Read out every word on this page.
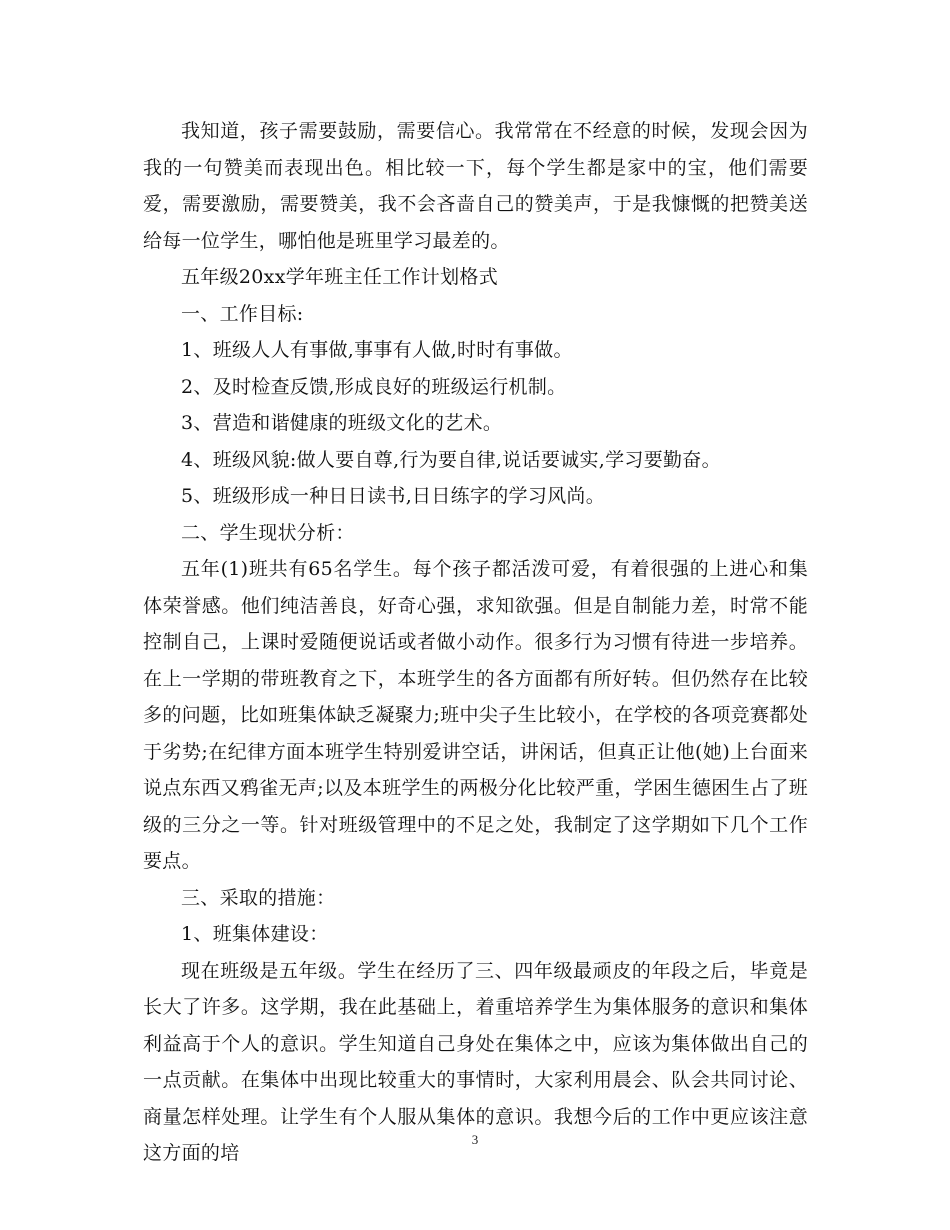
我知道，孩子需要鼓励，需要信心。我常常在不经意的时候，发现会因为我的一句赞美而表现出色。相比较一下，每个学生都是家中的宝，他们需要爱，需要激励，需要赞美，我不会吝啬自己的赞美声，于是我慷慨的把赞美送给每一位学生，哪怕他是班里学习最差的。

五年级20xx学年班主任工作计划格式

一、工作目标:

1、班级人人有事做,事事有人做,时时有事做。

2、及时检查反馈,形成良好的班级运行机制。

3、营造和谐健康的班级文化的艺术。

4、班级风貌:做人要自尊,行为要自律,说话要诚实,学习要勤奋。

5、班级形成一种日日读书,日日练字的学习风尚。

二、学生现状分析：

五年(1)班共有65名学生。每个孩子都活泼可爱，有着很强的上进心和集体荣誉感。他们纯洁善良，好奇心强，求知欲强。但是自制能力差，时常不能控制自己，上课时爱随便说话或者做小动作。很多行为习惯有待进一步培养。在上一学期的带班教育之下，本班学生的各方面都有所好转。但仍然存在比较多的问题，比如班集体缺乏凝聚力;班中尖子生比较小，在学校的各项竞赛都处于劣势;在纪律方面本班学生特别爱讲空话，讲闲话，但真正让他(她)上台面来说点东西又鸦雀无声;以及本班学生的两极分化比较严重，学困生德困生占了班级的三分之一等。针对班级管理中的不足之处，我制定了这学期如下几个工作要点。

三、采取的措施：

1、班集体建设：

现在班级是五年级。学生在经历了三、四年级最顽皮的年段之后，毕竟是长大了许多。这学期，我在此基础上，着重培养学生为集体服务的意识和集体利益高于个人的意识。学生知道自己身处在集体之中，应该为集体做出自己的一点贡献。在集体中出现比较重大的事情时，大家利用晨会、队会共同讨论、商量怎样处理。让学生有个人服从集体的意识。我想今后的工作中更应该注意这方面的培

3
